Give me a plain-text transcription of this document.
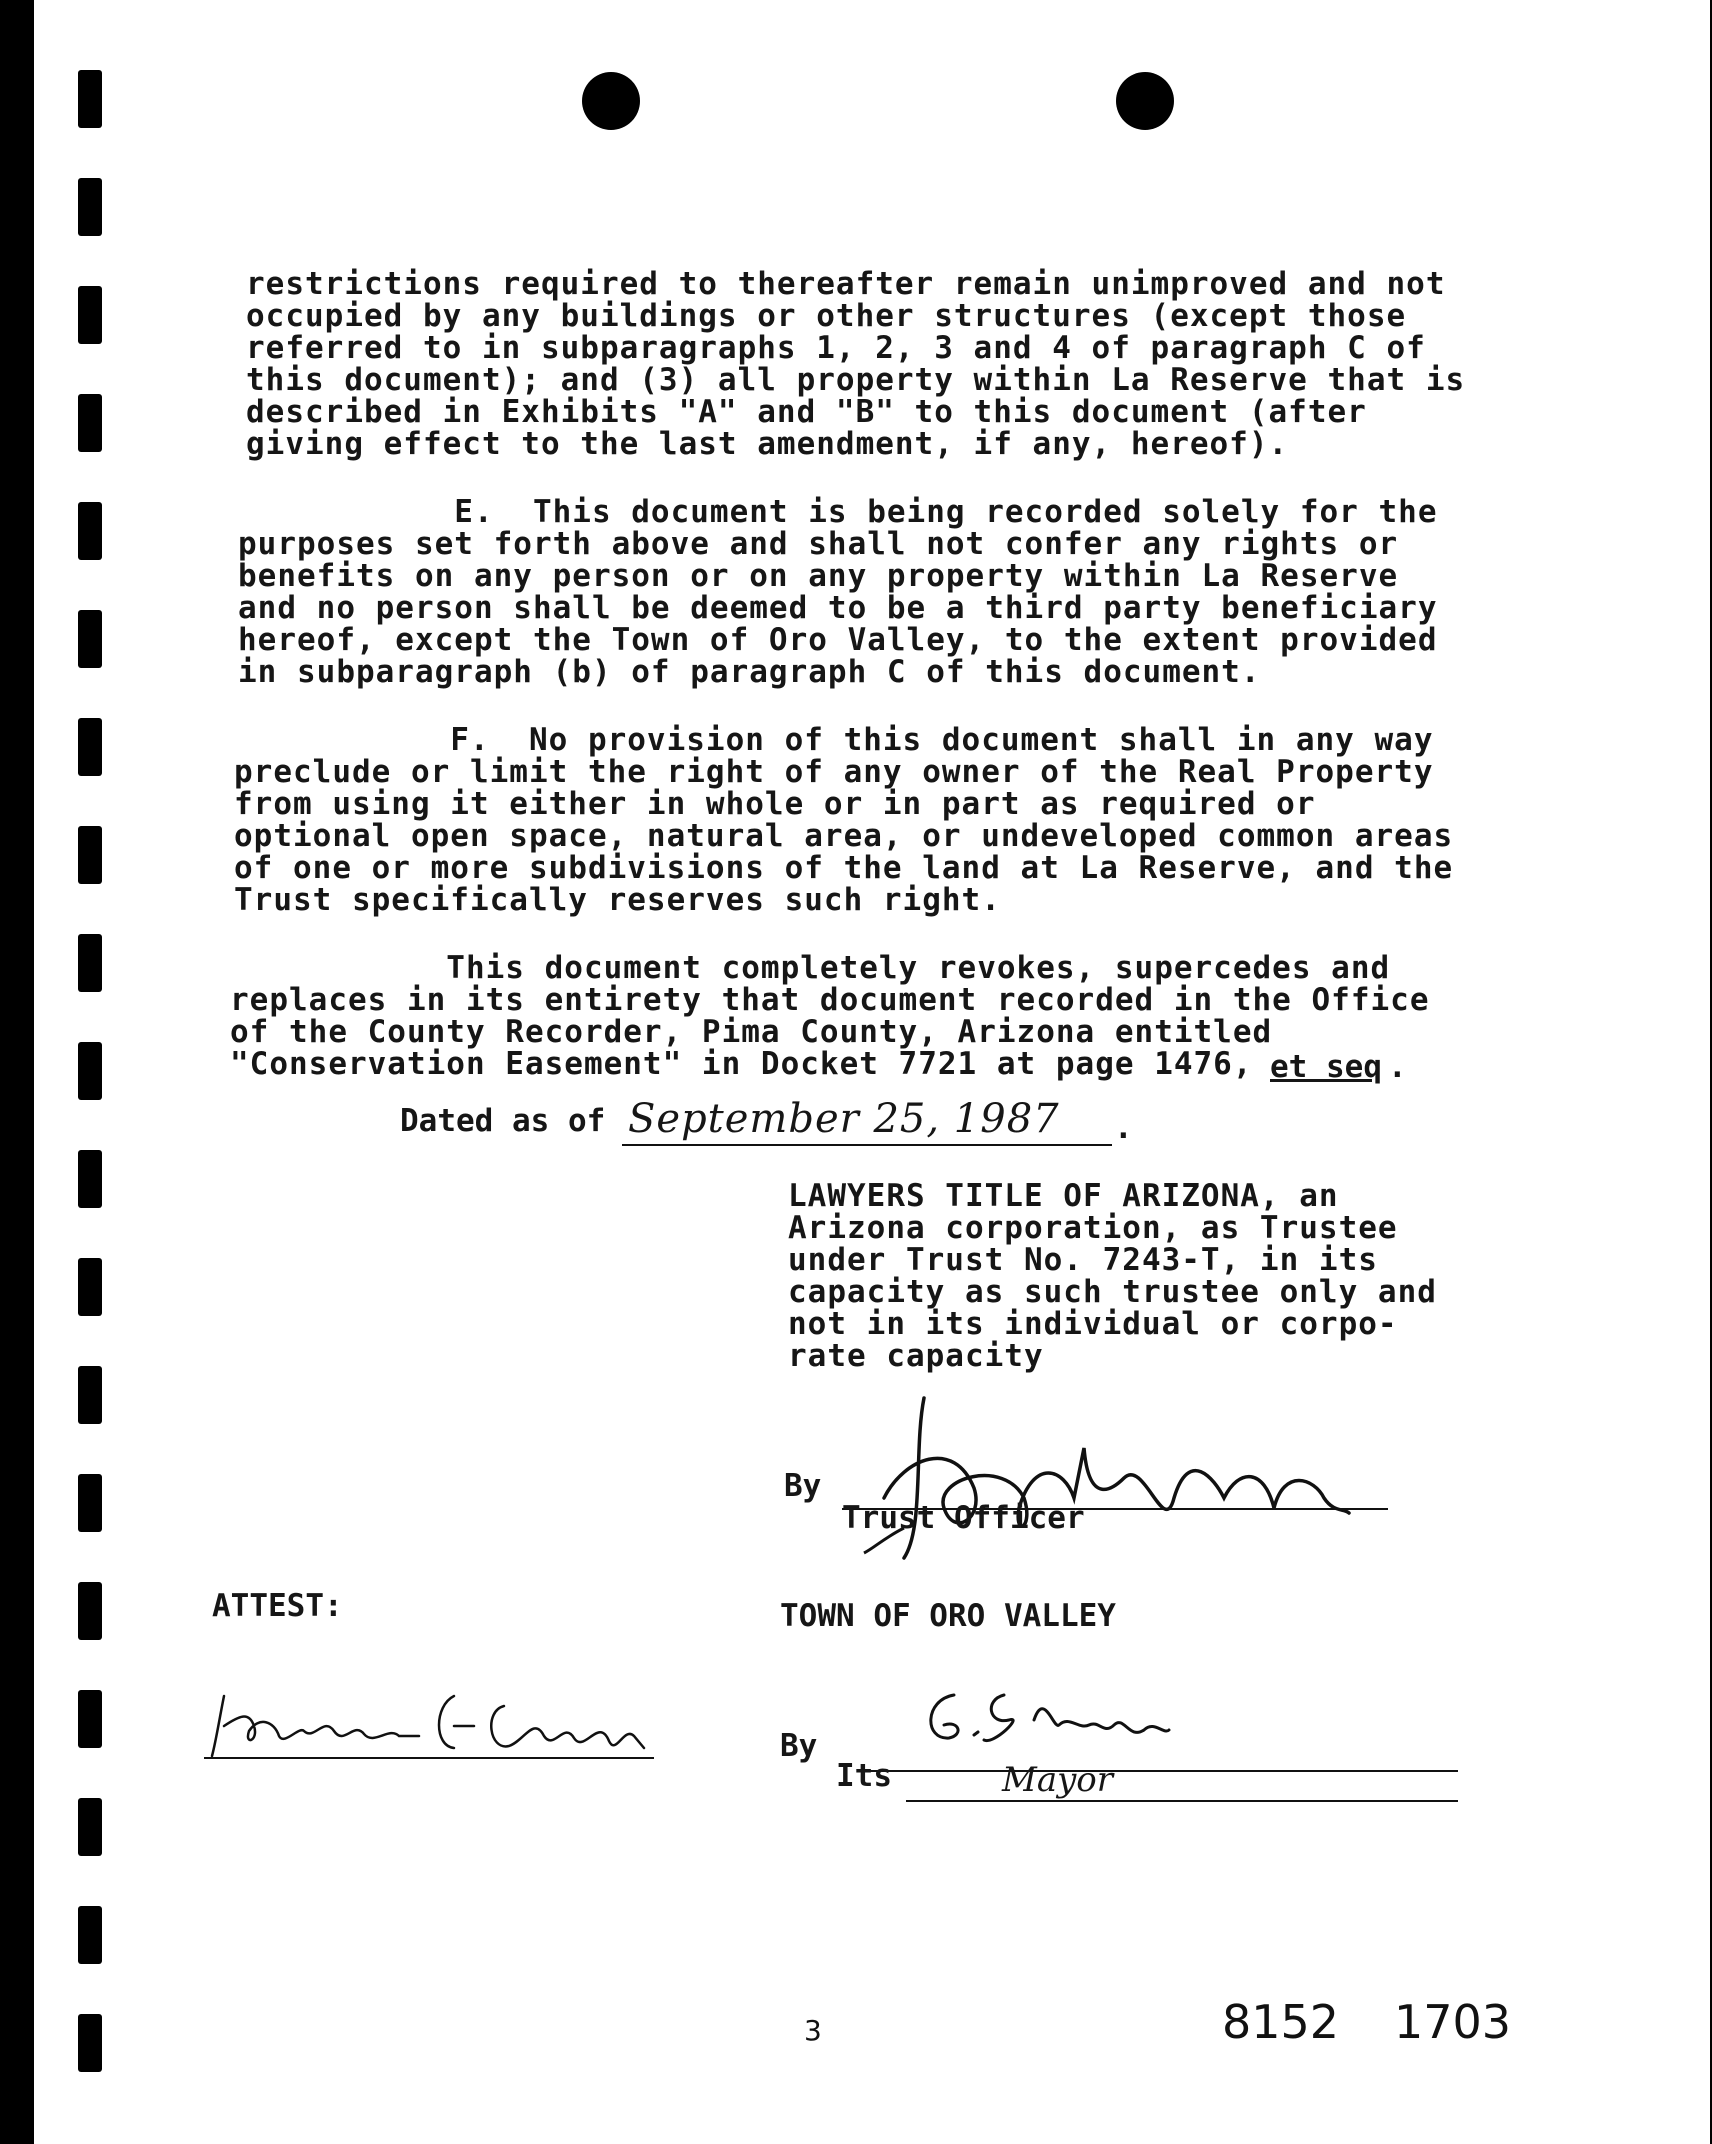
restrictions required to thereafter remain unimproved and not
occupied by any buildings or other structures (except those
referred to in subparagraphs 1, 2, 3 and 4 of paragraph C of
this document); and (3) all property within La Reserve that is
described in Exhibits "A" and "B" to this document (after
giving effect to the last amendment, if any, hereof).

E.  This document is being recorded solely for the
purposes set forth above and shall not confer any rights or
benefits on any person or on any property within La Reserve
and no person shall be deemed to be a third party beneficiary
hereof, except the Town of Oro Valley, to the extent provided
in subparagraph (b) of paragraph C of this document.

F.  No provision of this document shall in any way
preclude or limit the right of any owner of the Real Property
from using it either in whole or in part as required or
optional open space, natural area, or undeveloped common areas
of one or more subdivisions of the land at La Reserve, and the
Trust specifically reserves such right.

This document completely revokes, supercedes and
replaces in its entirety that document recorded in the Office
of the County Recorder, Pima County, Arizona entitled
"Conservation Easement" in Docket 7721 at page 1476, et seq .
Dated as of September 25, 1987 .

LAWYERS TITLE OF ARIZONA, an
Arizona corporation, as Trustee
under Trust No. 7243-T, in its
capacity as such trustee only and
not in its individual or corpo-
rate capacity

By
Trust Officer
ATTEST:	TOWN OF ORO VALLEY
By
Its	Mayor
3	8152 1703
